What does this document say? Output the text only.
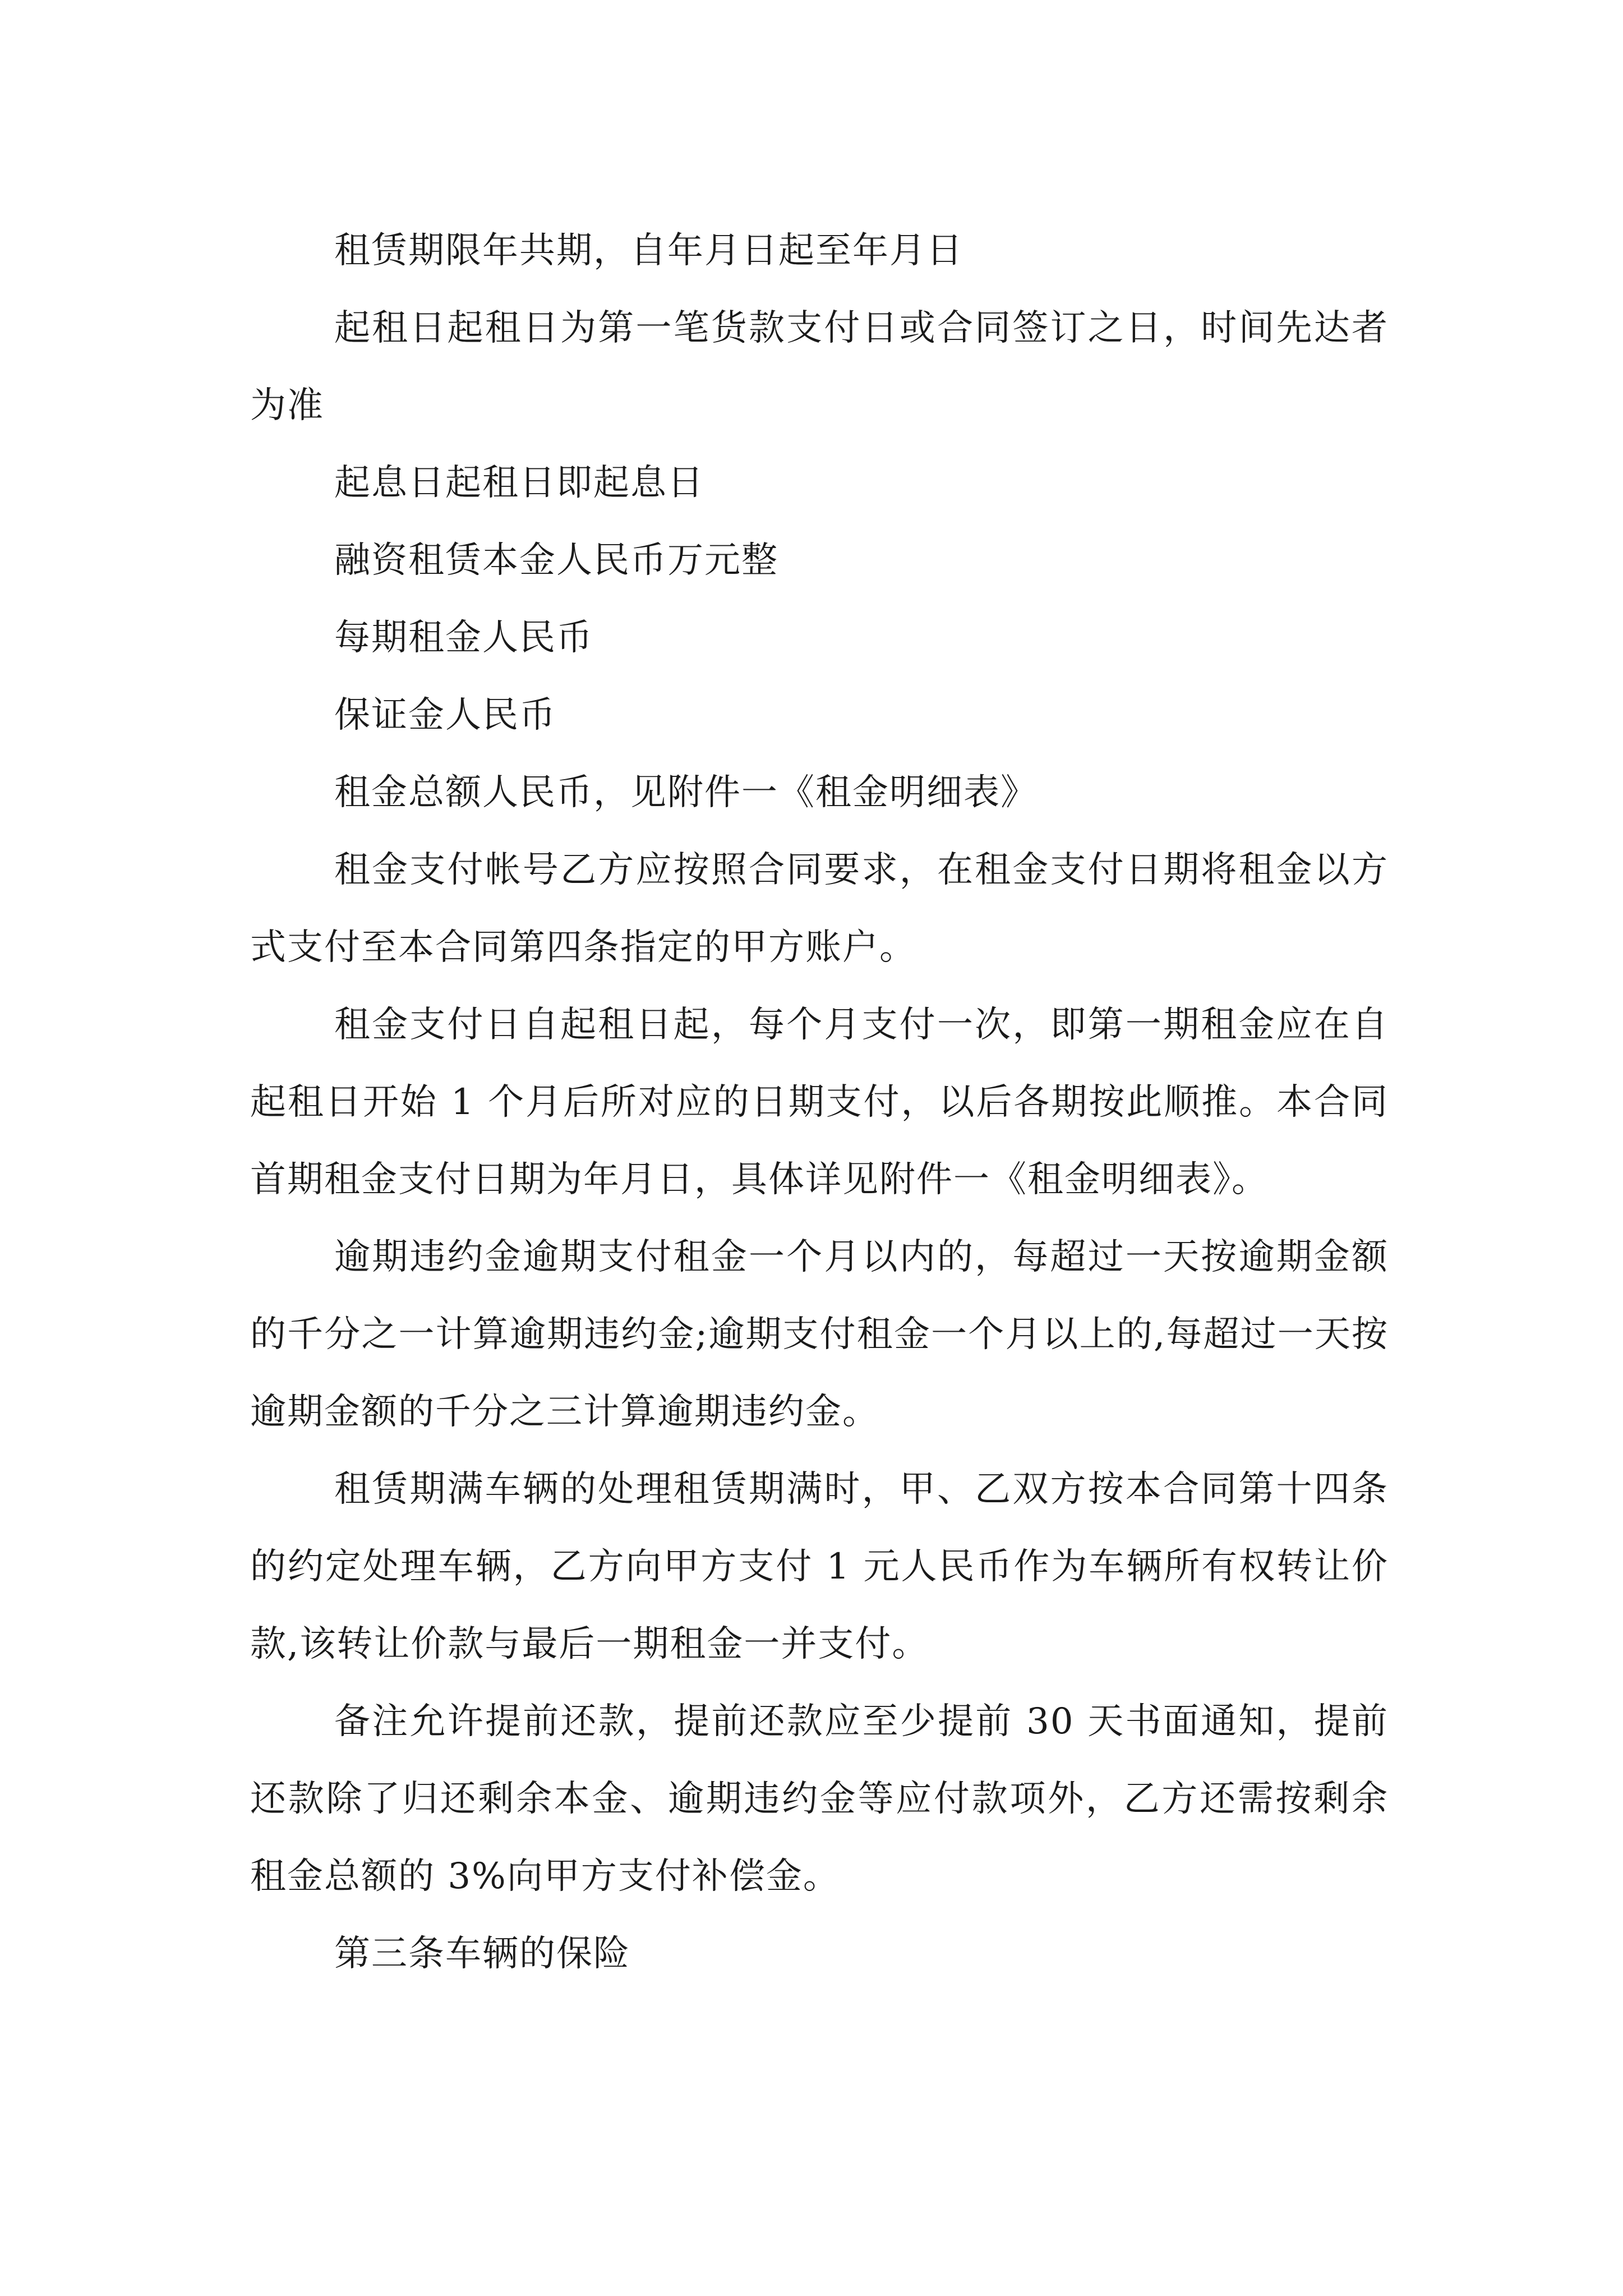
租赁期限年共期，自年月日起至年月日

起租日起租日为第一笔货款支付日或合同签订之日，时间先达者为准

起息日起租日即起息日

融资租赁本金人民币万元整

每期租金人民币

保证金人民币

租金总额人民币，见附件一《租金明细表》

租金支付帐号乙方应按照合同要求，在租金支付日期将租金以方式支付至本合同第四条指定的甲方账户。

租金支付日自起租日起，每个月支付一次，即第一期租金应在自起租日开始 1 个月后所对应的日期支付，以后各期按此顺推。本合同首期租金支付日期为年月日，具体详见附件一《租金明细表》。

逾期违约金逾期支付租金一个月以内的，每超过一天按逾期金额的千分之一计算逾期违约金;逾期支付租金一个月以上的,每超过一天按逾期金额的千分之三计算逾期违约金。

租赁期满车辆的处理租赁期满时，甲、乙双方按本合同第十四条的约定处理车辆，乙方向甲方支付 1 元人民币作为车辆所有权转让价款,该转让价款与最后一期租金一并支付。

备注允许提前还款，提前还款应至少提前 30 天书面通知，提前还款除了归还剩余本金、逾期违约金等应付款项外，乙方还需按剩余租金总额的 3%向甲方支付补偿金。

第三条车辆的保险
